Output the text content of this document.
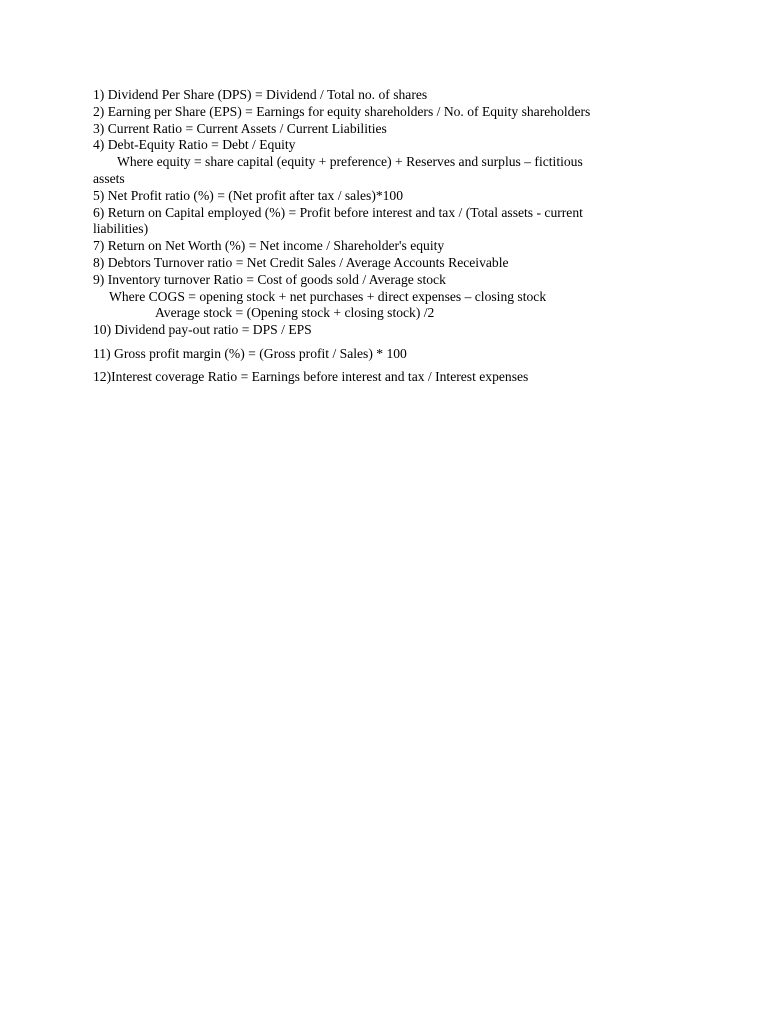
1) Dividend Per Share (DPS) = Dividend / Total no. of shares
2) Earning per Share (EPS) = Earnings for equity shareholders / No. of Equity shareholders
3) Current Ratio = Current Assets / Current Liabilities
4) Debt-Equity Ratio = Debt / Equity
Where equity = share capital (equity + preference) + Reserves and surplus – fictitious
assets
5) Net Profit ratio (%) = (Net profit after tax / sales)*100
6) Return on Capital employed (%) = Profit before interest and tax / (Total assets - current
liabilities)
7) Return on Net Worth (%) = Net income / Shareholder's equity
8) Debtors Turnover ratio = Net Credit Sales / Average Accounts Receivable
9) Inventory turnover Ratio = Cost of goods sold / Average stock
Where COGS = opening stock + net purchases + direct expenses – closing stock
Average stock = (Opening stock + closing stock) /2
10) Dividend pay-out ratio = DPS / EPS
11) Gross profit margin (%) = (Gross profit / Sales) * 100
12)Interest coverage Ratio = Earnings before interest and tax / Interest expenses
